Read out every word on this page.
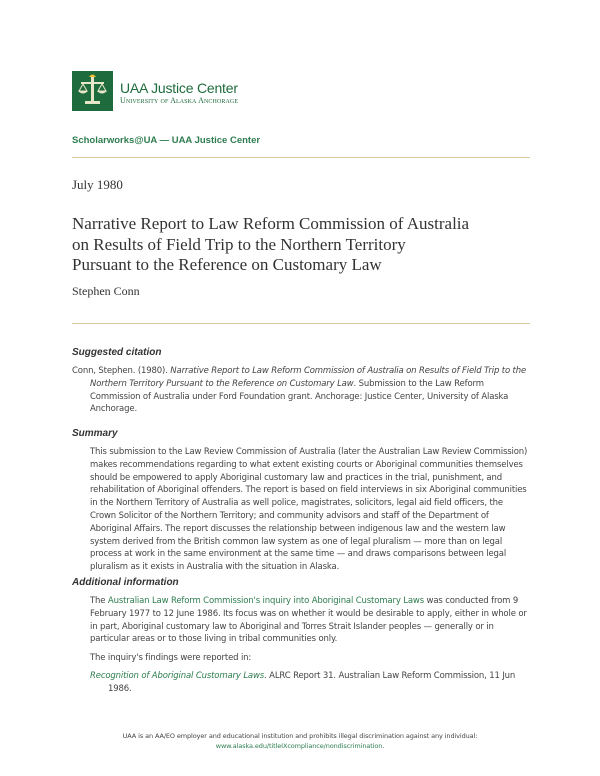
UAA Justice Center
University of Alaska Anchorage
Scholarworks@UA — UAA Justice Center
July 1980
Narrative Report to Law Reform Commission of Australia
on Results of Field Trip to the Northern Territory
Pursuant to the Reference on Customary Law
Stephen Conn
Suggested citation
Conn, Stephen. (1980). Narrative Report to Law Reform Commission of Australia on Results of Field Trip to the
Northern Territory Pursuant to the Reference on Customary Law. Submission to the Law Reform Commission of Australia under Ford Foundation grant. Anchorage: Justice Center, University of Alaska Anchorage.
Summary

This submission to the Law Review Commission of Australia (later the Australian Law Review Commission) makes recommendations regarding to what extent existing courts or Aboriginal communities themselves should be empowered to apply Aboriginal customary law and practices in the trial, punishment, and rehabilitation of Aboriginal offenders. The report is based on field interviews in six Aboriginal communities in the Northern Territory of Australia as well police, magistrates, solicitors, legal aid field officers, the Crown Solicitor of the Northern Territory; and community advisors and staff of the Department of Aboriginal Affairs. The report discusses the relationship between indigenous law and the western law system derived from the British common law system as one of legal pluralism — more than on legal process at work in the same environment at the same time — and draws comparisons between legal pluralism as it exists in Australia with the situation in Alaska.

Additional information

The Australian Law Reform Commission's inquiry into Aboriginal Customary Laws was conducted from 9 February 1977 to 12 June 1986. Its focus was on whether it would be desirable to apply, either in whole or in part, Aboriginal customary law to Aboriginal and Torres Strait Islander peoples — generally or in particular areas or to those living in tribal communities only.

The inquiry's findings were reported in:

Recognition of Aboriginal Customary Laws. ALRC Report 31. Australian Law Reform Commission, 11 Jun
1986.
UAA is an AA/EO employer and educational institution and prohibits illegal discrimination against any individual:
www.alaska.edu/titleIXcompliance/nondiscrimination.
